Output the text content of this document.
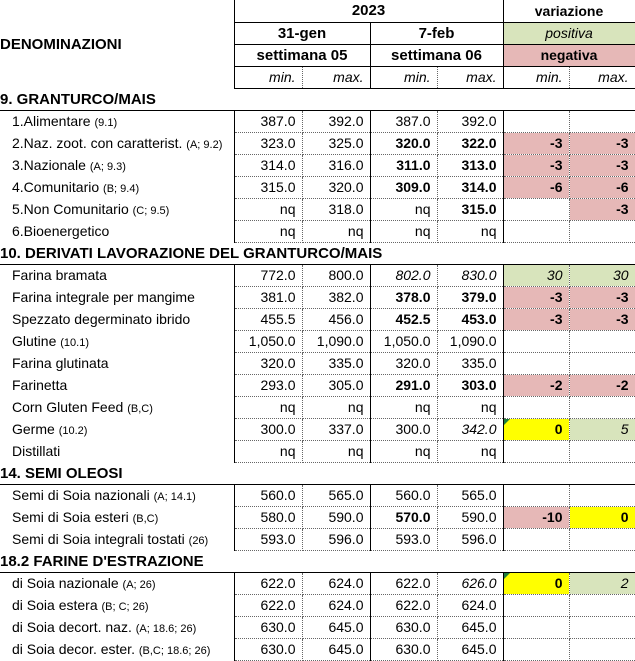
	2023				variazione	
DENOMINAZIONI	31-gen		7-feb		positiva	
	settimana 05		settimana 06		negativa	
	min.	max.	min.	max.	min.	max.
9. GRANTURCO/MAIS						
1.Alimentare (9.1)	387.0	392.0	387.0	392.0		
2.Naz. zoot. con caratterist. (A; 9.2)	323.0	325.0	320.0	322.0	-3	-3
3.Nazionale (A; 9.3)	314.0	316.0	311.0	313.0	-3	-3
4.Comunitario (B; 9.4)	315.0	320.0	309.0	314.0	-6	-6
5.Non Comunitario (C; 9.5)	nq	318.0	nq	315.0		-3
6.Bioenergetico	nq	nq	nq	nq		
10. DERIVATI LAVORAZIONE DEL GRANTURCO/MAIS						
Farina bramata	772.0	800.0	802.0	830.0	30	30
Farina integrale per mangime	381.0	382.0	378.0	379.0	-3	-3
Spezzato degerminato ibrido	455.5	456.0	452.5	453.0	-3	-3
Glutine (10.1)	1,050.0	1,090.0	1,050.0	1,090.0		
Farina glutinata	320.0	335.0	320.0	335.0		
Farinetta	293.0	305.0	291.0	303.0	-2	-2
Corn Gluten Feed (B,C)	nq	nq	nq	nq		
Germe (10.2)	300.0	337.0	300.0	342.0	0	5
Distillati	nq	nq	nq	nq		
14. SEMI OLEOSI						
Semi di Soia nazionali (A; 14.1)	560.0	565.0	560.0	565.0		
Semi di Soia esteri (B,C)	580.0	590.0	570.0	590.0	-10	0
Semi di Soia integrali tostati (26)	593.0	596.0	593.0	596.0		
18.2 FARINE D'ESTRAZIONE						
di Soia nazionale (A; 26)	622.0	624.0	622.0	626.0	0	2
di Soia estera (B; C; 26)	622.0	624.0	622.0	624.0		
di Soia decort. naz. (A; 18.6; 26)	630.0	645.0	630.0	645.0		
di Soia decor. ester. (B,C; 18.6; 26)	630.0	645.0	630.0	645.0		
